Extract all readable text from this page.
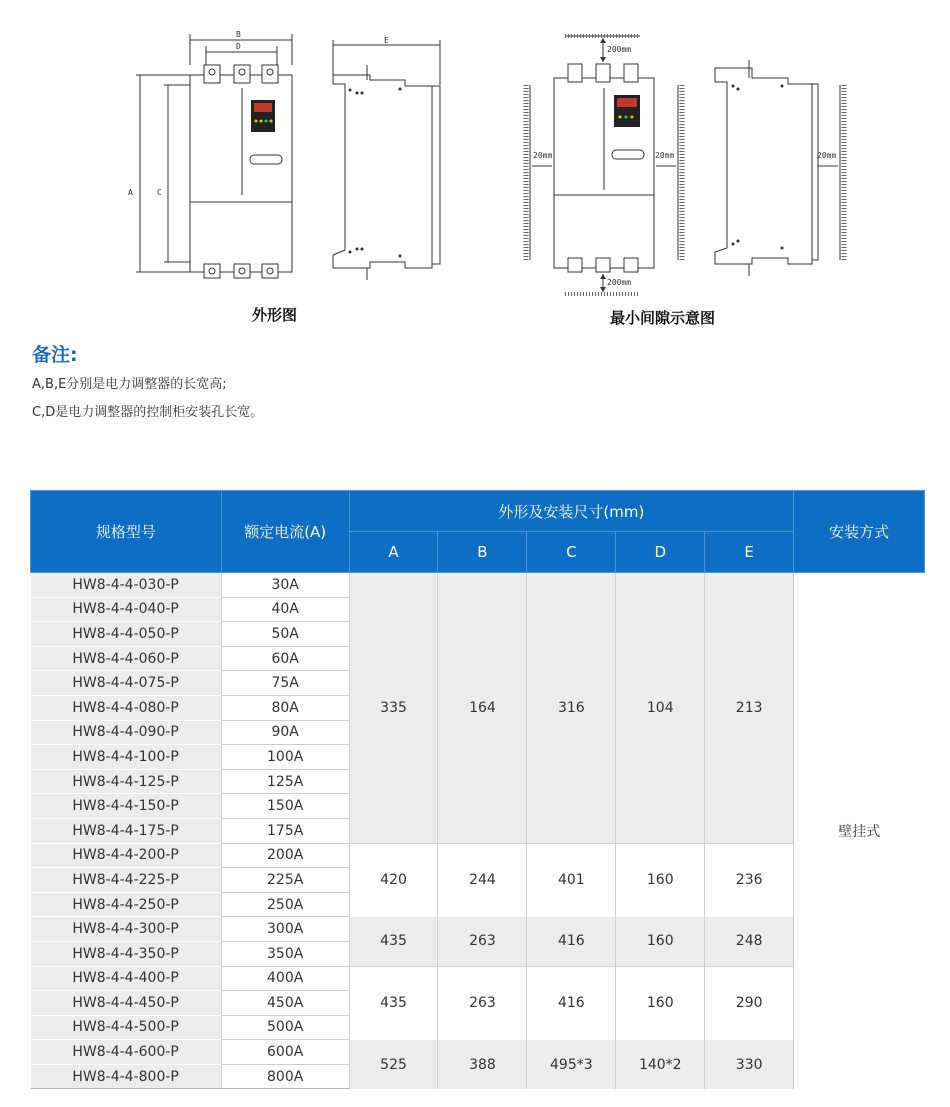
B
D
A	C
E
200mm
20mm	20mm
200mm
20mm
外形图	最小间隙示意图
备注:
A,B,E分别是电力调整器的长宽高;
C,D是电力调整器的控制柜安装孔长宽。
规格型号	额定电流(A)	外形及安装尺寸(mm)					安装方式
		A	B	C	D	E	
HW8-4-4-030-P	30A	335	164	316	104	213	壁挂式
HW8-4-4-040-P	40A						
HW8-4-4-050-P	50A						
HW8-4-4-060-P	60A						
HW8-4-4-075-P	75A						
HW8-4-4-080-P	80A						
HW8-4-4-090-P	90A						
HW8-4-4-100-P	100A						
HW8-4-4-125-P	125A						
HW8-4-4-150-P	150A						
HW8-4-4-175-P	175A						
HW8-4-4-200-P	200A	420	244	401	160	236	
HW8-4-4-225-P	225A						
HW8-4-4-250-P	250A						
HW8-4-4-300-P	300A	435	263	416	160	248	
HW8-4-4-350-P	350A						
HW8-4-4-400-P	400A	435	263	416	160	290	
HW8-4-4-450-P	450A						
HW8-4-4-500-P	500A						
HW8-4-4-600-P	600A	525	388	495*3	140*2	330	
HW8-4-4-800-P	800A						
